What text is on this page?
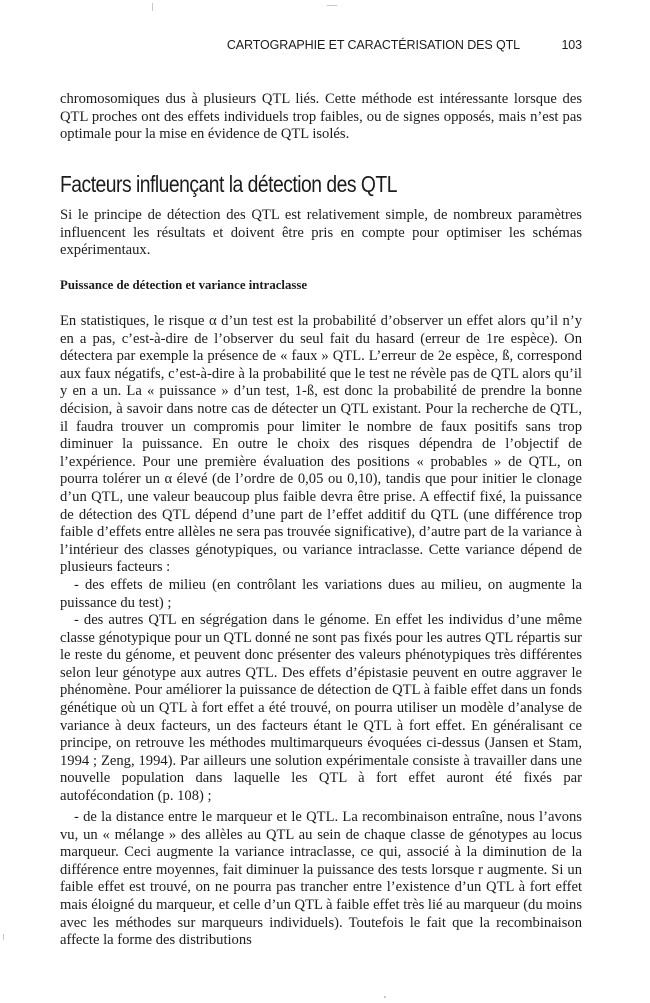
CARTOGRAPHIE ET CARACTÉRISATION DES QTL	103

chromosomiques dus à plusieurs QTL liés. Cette méthode est intéressante lorsque des QTL proches ont des effets individuels trop faibles, ou de signes opposés, mais n’est pas optimale pour la mise en évidence de QTL isolés.

Facteurs influençant la détection des QTL

Si le principe de détection des QTL est relativement simple, de nombreux paramètres influencent les résultats et doivent être pris en compte pour optimiser les schémas expérimentaux.

Puissance de détection et variance intraclasse

En statistiques, le risque α d’un test est la probabilité d’observer un effet alors qu’il n’y en a pas, c’est-à-dire de l’observer du seul fait du hasard (erreur de 1re espèce). On détectera par exemple la présence de « faux » QTL. L’erreur de 2e espèce, ß, correspond aux faux négatifs, c’est-à-dire à la probabilité que le test ne révèle pas de QTL alors qu’il y en a un. La « puissance » d’un test, 1-ß, est donc la probabilité de prendre la bonne décision, à savoir dans notre cas de détecter un QTL existant. Pour la recherche de QTL, il faudra trouver un compromis pour limiter le nombre de faux positifs sans trop diminuer la puissance. En outre le choix des risques dépendra de l’objectif de l’expérience. Pour une première évaluation des positions « probables » de QTL, on pourra tolérer un α élevé (de l’ordre de 0,05 ou 0,10), tandis que pour initier le clonage d’un QTL, une valeur beaucoup plus faible devra être prise. A effectif fixé, la puissance de détection des QTL dépend d’une part de l’effet additif du QTL (une différence trop faible d’effets entre allèles ne sera pas trouvée significative), d’autre part de la variance à l’intérieur des classes génotypiques, ou variance intraclasse. Cette variance dépend de plusieurs facteurs :

- des effets de milieu (en contrôlant les variations dues au milieu, on augmente la puissance du test) ;

- des autres QTL en ségrégation dans le génome. En effet les individus d’une même classe génotypique pour un QTL donné ne sont pas fixés pour les autres QTL répartis sur le reste du génome, et peuvent donc présenter des valeurs phénotypiques très différentes selon leur génotype aux autres QTL. Des effets d’épistasie peuvent en outre aggraver le phénomène. Pour améliorer la puissance de détection de QTL à faible effet dans un fonds génétique où un QTL à fort effet a été trouvé, on pourra utiliser un modèle d’analyse de variance à deux facteurs, un des facteurs étant le QTL à fort effet. En généralisant ce principe, on retrouve les méthodes multimarqueurs évoquées ci-dessus (Jansen et Stam, 1994 ; Zeng, 1994). Par ailleurs une solution expérimentale consiste à travailler dans une nouvelle population dans laquelle les QTL à fort effet auront été fixés par autofécondation (p. 108) ;

- de la distance entre le marqueur et le QTL. La recombinaison entraîne, nous l’avons vu, un « mélange » des allèles au QTL au sein de chaque classe de génotypes au locus marqueur. Ceci augmente la variance intraclasse, ce qui, associé à la diminution de la différence entre moyennes, fait diminuer la puissance des tests lorsque r augmente. Si un faible effet est trouvé, on ne pourra pas trancher entre l’existence d’un QTL à fort effet mais éloigné du marqueur, et celle d’un QTL à faible effet très lié au marqueur (du moins avec les méthodes sur marqueurs individuels). Toutefois le fait que la recombinaison affecte la forme des distributions
